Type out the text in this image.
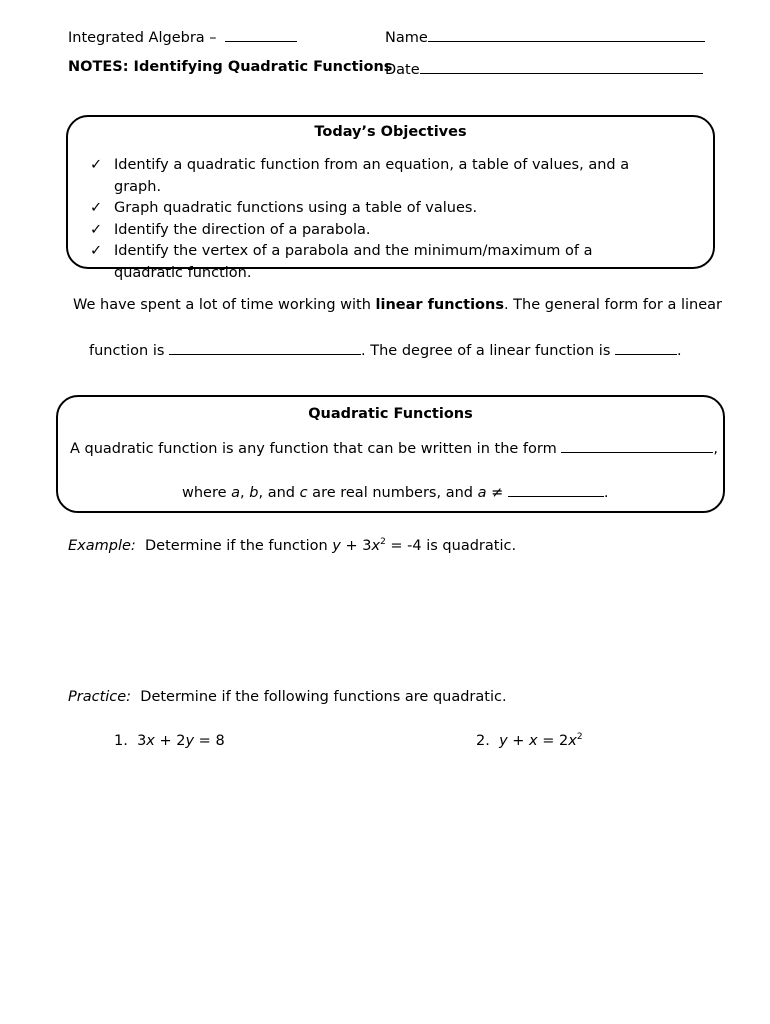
Integrated Algebra –	Name
NOTES: Identifying Quadratic Functions
Date
Today’s Objectives
✓ Identify a quadratic function from an equation, a table of values, and a graph.
✓ Graph quadratic functions using a table of values.
✓ Identify the direction of a parabola.
✓ Identify the vertex of a parabola and the minimum/maximum of a quadratic function.
We have spent a lot of time working with linear functions. The general form for a linear
function is	. The degree of a linear function is	.
Quadratic Functions
A quadratic function is any function that can be written in the form	,
where a, b, and c are real numbers, and a ≠	.
Example: Determine if the function $y + 3x^2 = -4$ is quadratic.
Practice: Determine if the following functions are quadratic.
1. 3x + 2y = 8	2. $y + x = 2x^2$
